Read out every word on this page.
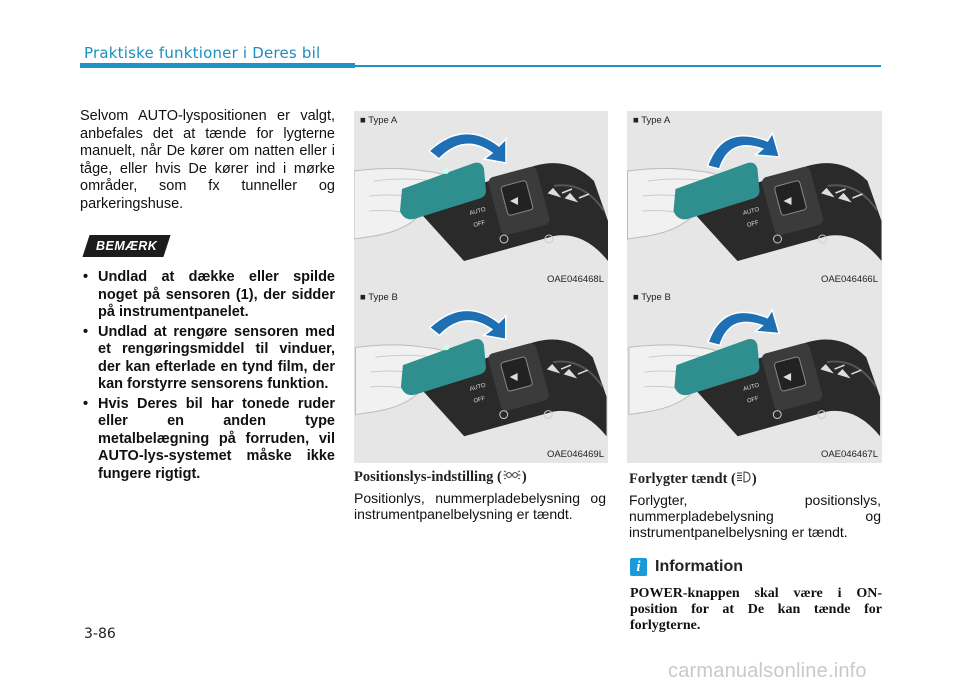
Praktiske funktioner i Deres bil

Selvom AUTO-lyspositionen er valgt, anbefales det at tænde for lygterne manuelt, når De kører om natten eller i tåge, eller hvis De kører ind i mørke områder, som fx tunneller og parkeringshuse.

BEMÆRK
• Undlad at dække eller spilde noget på sensoren (1), der sidder på instrumentpanelet.
• Undlad at rengøre sensoren med et rengøringsmiddel til vinduer, der kan efterlade en tynd film, der kan forstyrre sensorens funktion.
• Hvis Deres bil har tonede ruder eller en anden type metalbelægning på forruden, vil AUTO-lys-systemet måske ikke fungere rigtigt.
■ Type A
OAE046468L
■ Type B
OAE046469L
■ Type A
OAE046466L
■ Type B
OAE046467L
Positionslys-indstilling ( )

Positionlys, nummerpladebelysning og instrumentpanelbelysning er tændt.

Forlygter tændt ( )

Forlygter, positionslys, nummerpladebelysning og instrumentpanelbelysning er tændt.

i Information

POWER-knappen skal være i ON-position for at De kan tænde for forlygterne.

3-86
carmanualsonline.info
